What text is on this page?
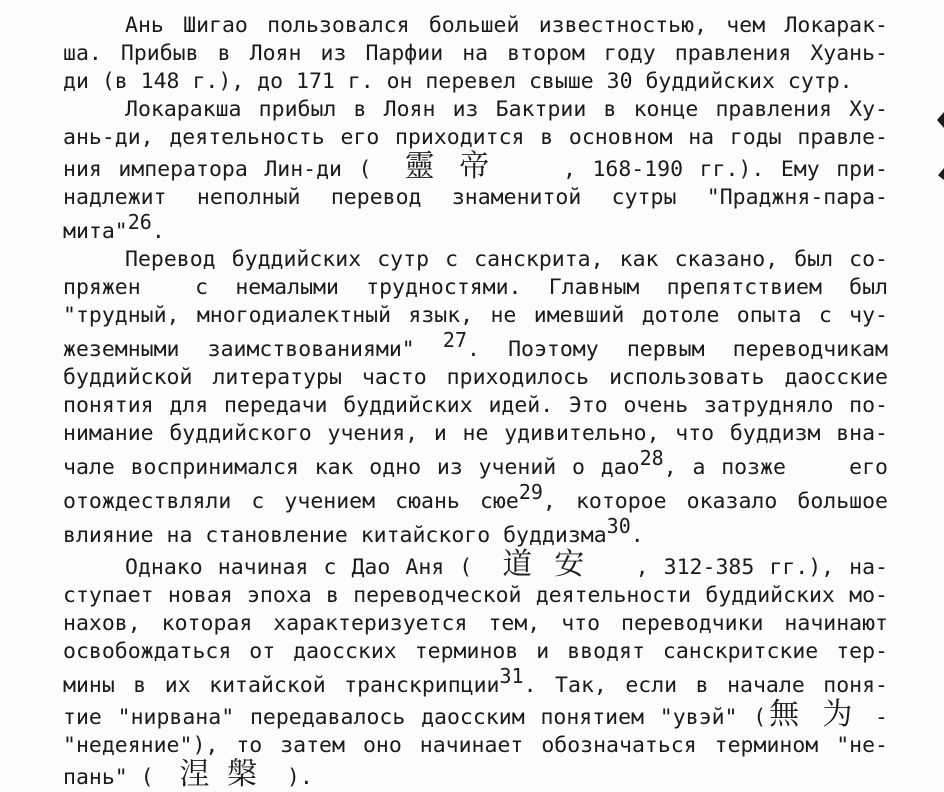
Ань Шигао пользовался большей известностью, чем Локарак-
ша. Прибыв в Лоян из Парфии на втором году правления Хуань-
ди (в 148 г.), до 171 г. он перевел свыше 30 буддийских сутр.
Локаракша прибыл в Лоян из Бактрии в конце правления Ху-
ань-ди, деятельность его приходится в основном на годы правле-
ния императора Лин-ди (  靈 帝    , 168-190 гг.). Ему при-
надлежит неполный перевод знаменитой сутры "Праджня-пара-
мита"26.
Перевод буддийских сутр с санскрита, как сказано, был со-
пряжен  с немалыми трудностями. Главным препятствием был
"трудный, многодиалектный язык, не имевший дотоле опыта с чу-
жеземными заимствованиями" 27. Поэтому первым переводчикам
буддийской литературы часто приходилось использовать даосские
понятия для передачи буддийских идей. Это очень затрудняло по-
нимание буддийского учения, и не удивительно, что буддизм вна-
чале воспринимался как одно из учений о дао28, а позже    его
отождествляли с учением сюань сюе29, которое оказало большое
влияние на становление китайского буддизма30.
Однако начиная с Дао Аня (  道 安   , 312-385 гг.), на-
ступает новая эпоха в переводческой деятельности буддийских мо-
нахов, которая характеризуется тем, что переводчики начинают
освобождаться от даосских терминов и вводят санскритские тер-
мины в их китайской транскрипции31. Так, если в начале поня-
тие "нирвана" передавалось даосским понятием "увэй" (無 为 -
"недеяние"), то затем оно начинает обозначаться термином "не-
пань" (  涅 槃  ).
